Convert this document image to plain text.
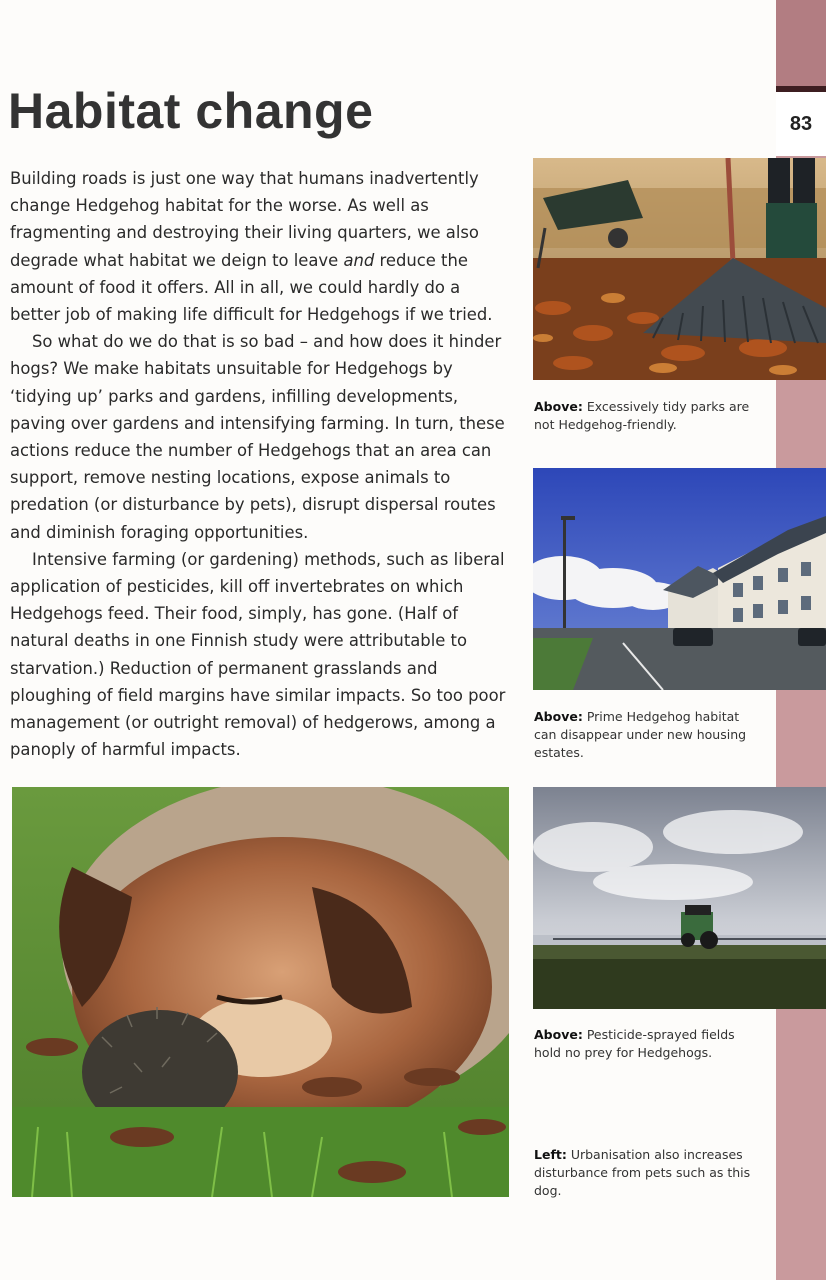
83
Habitat change

Building roads is just one way that humans inadvertently change Hedgehog habitat for the worse. As well as fragmenting and destroying their living quarters, we also degrade what habitat we deign to leave and reduce the amount of food it offers. All in all, we could hardly do a better job of making life difficult for Hedgehogs if we tried.

So what do we do that is so bad – and how does it hinder hogs? We make habitats unsuitable for Hedgehogs by ‘tidying up’ parks and gardens, infilling developments, paving over gardens and intensifying farming. In turn, these actions reduce the number of Hedgehogs that an area can support, remove nesting locations, expose animals to predation (or disturbance by pets), disrupt dispersal routes and diminish foraging opportunities.

Intensive farming (or gardening) methods, such as liberal application of pesticides, kill off invertebrates on which Hedgehogs feed. Their food, simply, has gone. (Half of natural deaths in one Finnish study were attributable to starvation.) Reduction of permanent grasslands and ploughing of field margins have similar impacts. So too poor management (or outright removal) of hedgerows, among a panoply of harmful impacts.

Above: Excessively tidy parks are not Hedgehog-friendly.
Above: Prime Hedgehog habitat can disappear under new housing estates.
Above: Pesticide-sprayed fields hold no prey for Hedgehogs.
Left: Urbanisation also increases disturbance from pets such as this dog.
